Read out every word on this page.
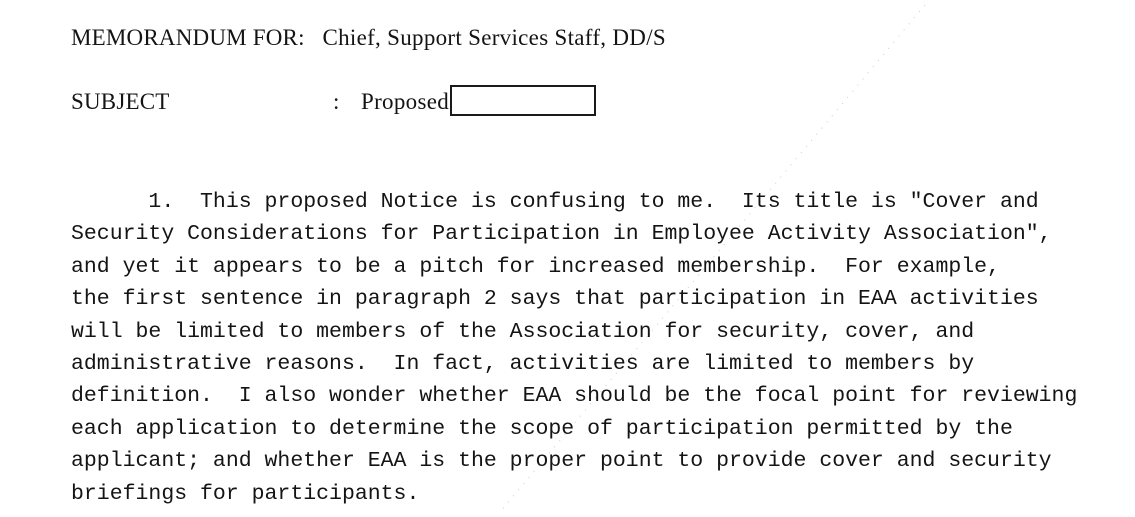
MEMORANDUM FOR: Chief, Support Services Staff, DD/S
SUBJECT	: Proposed
1.  This proposed Notice is confusing to me.  Its title is "Cover and
Security Considerations for Participation in Employee Activity Association",
and yet it appears to be a pitch for increased membership.  For example,
the first sentence in paragraph 2 says that participation in EAA activities
will be limited to members of the Association for security, cover, and
administrative reasons.  In fact, activities are limited to members by
definition.  I also wonder whether EAA should be the focal point for reviewing
each application to determine the scope of participation permitted by the
applicant; and whether EAA is the proper point to provide cover and security
briefings for participants.
